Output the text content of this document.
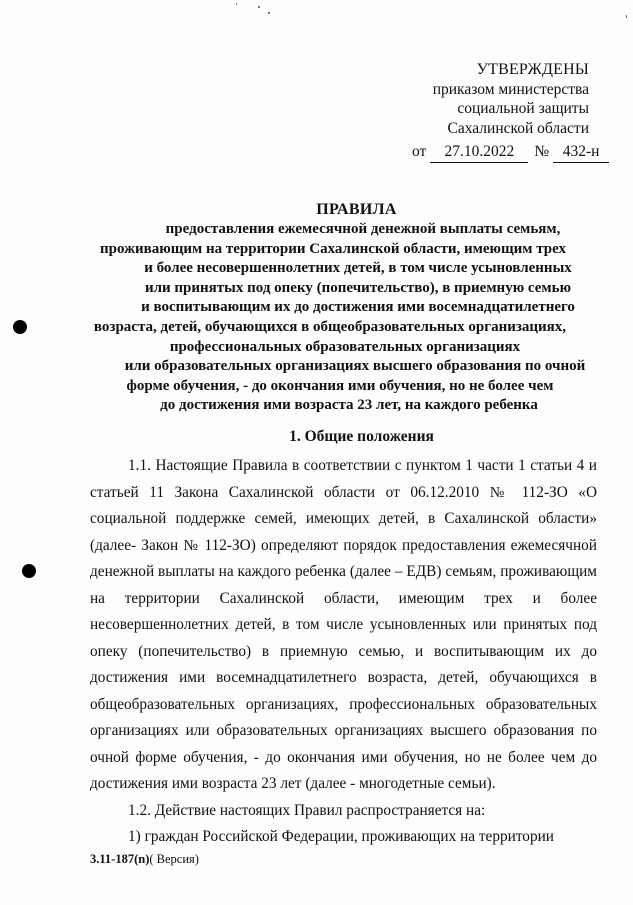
УТВЕРЖДЕНЫ
приказом министерства
социальной защиты
Сахалинской области
от 27.10.2022 № 432-н
ПРАВИЛА
предоставления ежемесячной денежной выплаты семьям,
проживающим на территории Сахалинской области, имеющим трех
и более несовершеннолетних детей, в том числе усыновленных
или принятых под опеку (попечительство), в приемную семью
и воспитывающим их до достижения ими восемнадцатилетнего
возраста, детей, обучающихся в общеобразовательных организациях,
профессиональных образовательных организациях
или образовательных организациях высшего образования по очной
форме обучения, - до окончания ими обучения, но не более чем
до достижения ими возраста 23 лет, на каждого ребенка
1. Общие положения

1.1. Настоящие Правила в соответствии с пунктом 1 части 1 статьи 4 и статьей 11 Закона Сахалинской области от 06.12.2010 № 112-ЗО «О социальной поддержке семей, имеющих детей, в Сахалинской области» (далее- Закон № 112-ЗО) определяют порядок предоставления ежемесячной денежной выплаты на каждого ребенка (далее – ЕДВ) семьям, проживающим на территории Сахалинской области, имеющим трех и более несовершеннолетних детей, в том числе усыновленных или принятых под опеку (попечительство) в приемную семью, и воспитывающим их до достижения ими восемнадцатилетнего возраста, детей, обучающихся в общеобразовательных организациях, профессиональных образовательных организациях или образовательных организациях высшего образования по очной форме обучения, - до окончания ими обучения, но не более чем до достижения ими возраста 23 лет (далее - многодетные семьи).

1.2. Действие настоящих Правил распространяется на:

1) граждан Российской Федерации, проживающих на территории

3.11-187(n)( Версия)
